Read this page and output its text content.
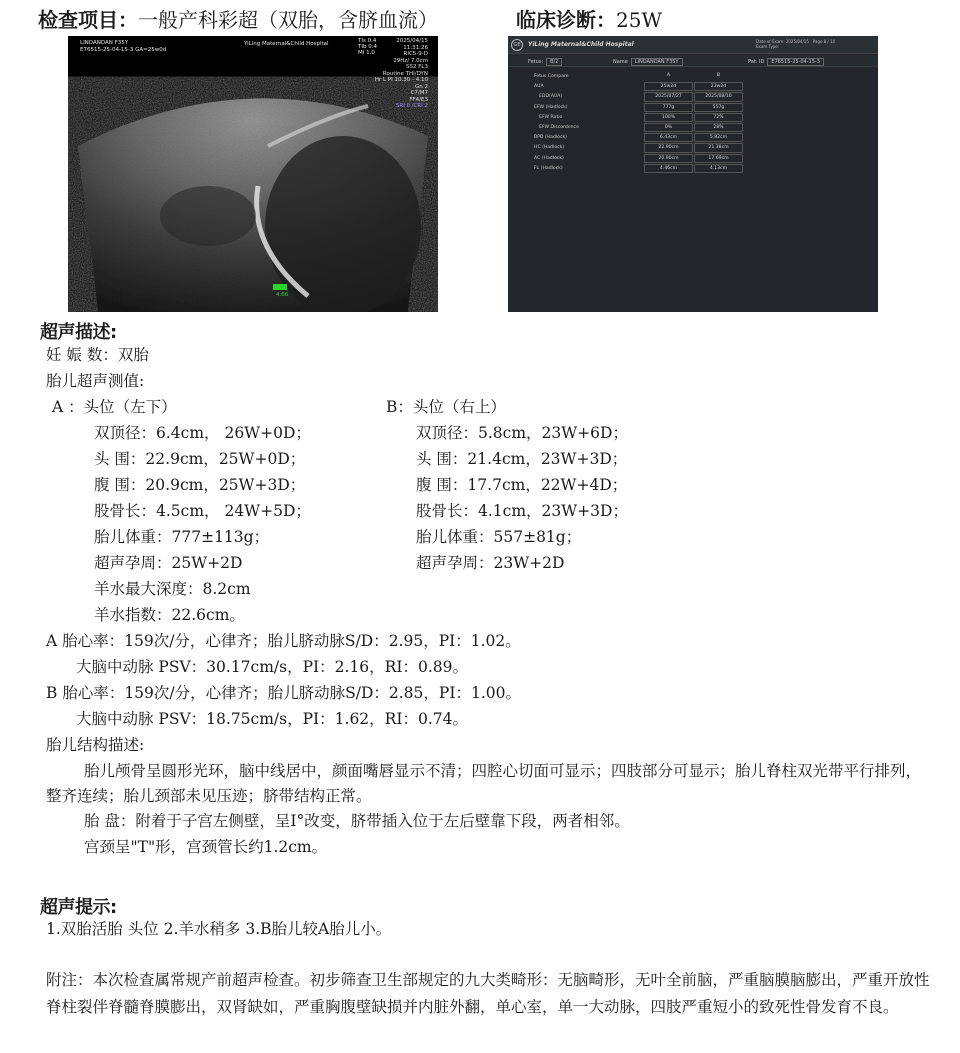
检查项目：一般产科彩超（双胎，含脐血流）	临床诊断：25W
LINDANDAN F35Y
E76515-25-04-15-3 GA=25w0d
YiLing Maternal&Child Hospital	TIs 0.4
TIb 0.4
MI 1.0
2025/04/15
11:31:26
RIC5-9-D
29Hz/ 7.0cm
SS2 FL3
Routine THI/DYN
Hr L PI 10.30 - 4.10
Gn 2
C7/M7
FF4/E3
SRI II /CRI 2
4.66
GE	YiLing Maternal&Child Hospital	Date of Exam: 2025/04/15 Page 8 / 10
Exam Type:
Fetus: B/2	Name LINDANDAN F35Y	Pat. ID E76515-25-04-15-3
Fetus Compare	A	B
AUA	25w2d	23w2d
EDD(AUA)	2025/07/27	2025/08/10
EFW (Hadlock)	777g	557g
EFW Ratio	100%	72%
EFW Discordence	0%	28%
BPD (Hadlock)	6.43cm	5.82cm
HC (Hadlock)	22.90cm	21.38cm
AC (Hadlock)	20.90cm	17.69cm
FL (Hadlock)	4.46cm	4.13cm
超声描述:
妊 娠 数：双胎
胎儿超声测值:
A ：头位（左下）
双顶径：6.4cm， 26W+0D；
头 围：22.9cm，25W+0D；
腹 围：20.9cm，25W+3D；
股骨长：4.5cm， 24W+5D；
胎儿体重：777±113g；
超声孕周：25W+2D
B：头位（右上）
双顶径：5.8cm，23W+6D；
头 围：21.4cm，23W+3D；
腹 围：17.7cm，22W+4D；
股骨长：4.1cm，23W+3D；
胎儿体重：557±81g；
超声孕周：23W+2D
羊水最大深度：8.2cm
羊水指数：22.6cm。
A 胎心率：159次/分，心律齐；胎儿脐动脉S/D：2.95，PI：1.02。
大脑中动脉 PSV：30.17cm/s，PI：2.16，RI：0.89。
B 胎心率：159次/分，心律齐；胎儿脐动脉S/D：2.85，PI：1.00。
大脑中动脉 PSV：18.75cm/s，PI：1.62，RI：0.74。
胎儿结构描述:
胎儿颅骨呈圆形光环，脑中线居中，颜面嘴唇显示不清；四腔心切面可显示；四肢部分可显示；胎儿脊柱双光带平行排列，整齐连续；胎儿颈部未见压迹；脐带结构正常。
胎 盘：附着于子宫左侧壁，呈Ⅰ°改变，脐带插入位于左后壁靠下段，两者相邻。
宫颈呈"T"形，宫颈管长约1.2cm。
超声提示:
1.双胎活胎 头位 2.羊水稍多 3.B胎儿较A胎儿小。
附注：本次检查属常规产前超声检查。初步筛查卫生部规定的九大类畸形：无脑畸形，无叶全前脑，严重脑膜脑膨出，严重开放性脊柱裂伴脊髓脊膜膨出，双肾缺如，严重胸腹壁缺损并内脏外翻，单心室，单一大动脉，四肢严重短小的致死性骨发育不良。
